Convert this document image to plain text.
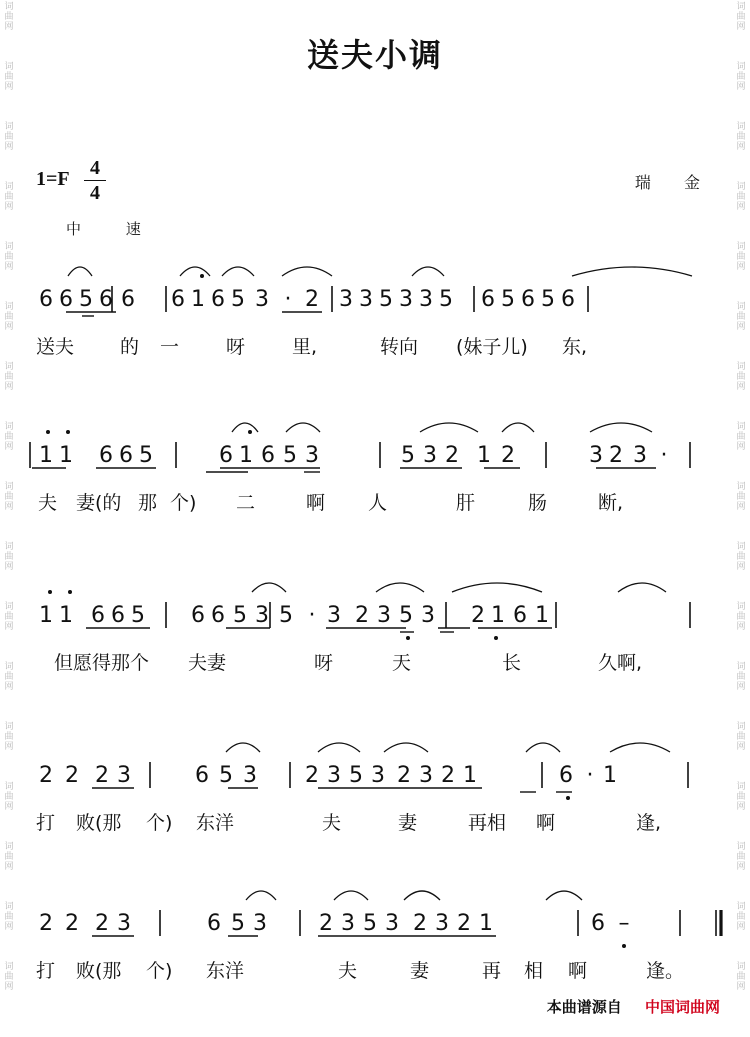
词
曲
网
词
曲
网
词
曲
网
词
曲
网
词
曲
网
词
曲
网
词
曲
网
词
曲
网
词
曲
网
词
曲
网
词
曲
网
词
曲
网
词
曲
网
词
曲
网
词
曲
网
词
曲
网
词
曲
网
词
曲
网
词
曲
网
词
曲
网
词
曲
网
词
曲
网
词
曲
网
词
曲
网
词
曲
网
词
曲
网
词
曲
网
词
曲
网
词
曲
网
词
曲
网
词
曲
网
词
曲
网
词
曲
网
词
曲
网
送夫小调
1=F	4
4	瑞 金
中 速
6 6 5 6 6 6 1 6 5 3 · 2 3 3 5 3 3 5 6 5 6 5 6
送夫 的 一 呀 里,	转向 (妹子儿) 东,
1 1 6 6 5	6 1 6 5 3	5 3 2 1 2	3 2 3 ·
夫 妻(的 那 个) 二	啊 人	肝	肠	断,
1 1 6 6 5 6 6 5 3 5 · 3 2 3 5 3 2 1 6 1
但愿得那个 夫妻	呀	天	长	久啊,
2 2 2 3	6 5 3 2 3 5 3 2 3 2 1	6 · 1
打 败(那 个) 东洋	夫	妻	再相 啊	逢,
2 2 2 3	6 5 3 2 3 5 3 2 3 2 1	6 –
打 败(那 个) 东洋	夫	妻	再 相 啊	逢。
本曲谱源自 中国词曲网
